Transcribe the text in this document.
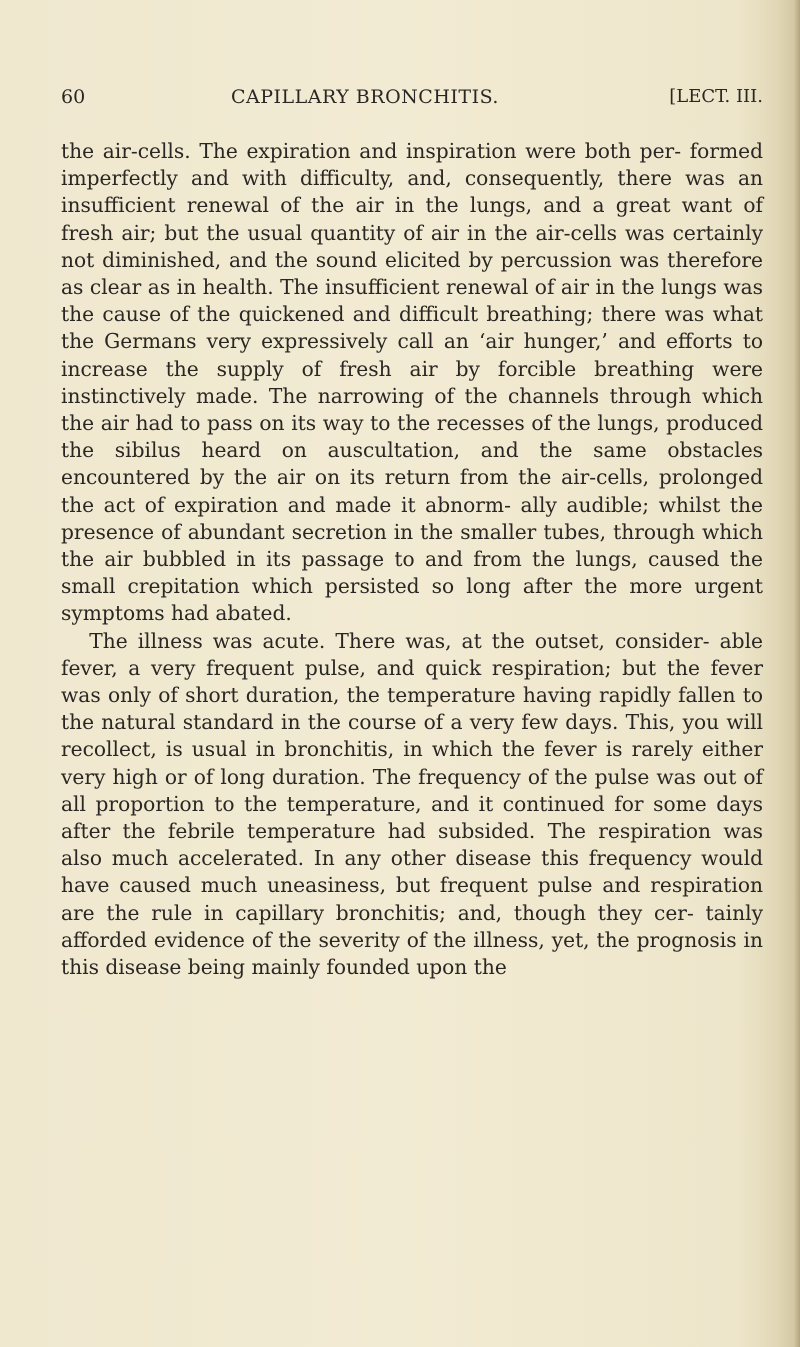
60	CAPILLARY BRONCHITIS.	[LECT. III.

the air-cells. The expiration and inspiration were both per- formed imperfectly and with difficulty, and, consequently, there was an insufficient renewal of the air in the lungs, and a great want of fresh air; but the usual quantity of air in the air-cells was certainly not diminished, and the sound elicited by percussion was therefore as clear as in health. The insufficient renewal of air in the lungs was the cause of the quickened and difficult breathing; there was what the Germans very expressively call an ‘air hunger,’ and efforts to increase the supply of fresh air by forcible breathing were instinctively made. The narrowing of the channels through which the air had to pass on its way to the recesses of the lungs, produced the sibilus heard on auscultation, and the same obstacles encountered by the air on its return from the air-cells, prolonged the act of expiration and made it abnorm- ally audible; whilst the presence of abundant secretion in the smaller tubes, through which the air bubbled in its passage to and from the lungs, caused the small crepitation which persisted so long after the more urgent symptoms had abated.

The illness was acute. There was, at the outset, consider- able fever, a very frequent pulse, and quick respiration; but the fever was only of short duration, the temperature having rapidly fallen to the natural standard in the course of a very few days. This, you will recollect, is usual in bronchitis, in which the fever is rarely either very high or of long duration. The frequency of the pulse was out of all proportion to the temperature, and it continued for some days after the febrile temperature had subsided. The respiration was also much accelerated. In any other disease this frequency would have caused much uneasiness, but frequent pulse and respiration are the rule in capillary bronchitis; and, though they cer- tainly afforded evidence of the severity of the illness, yet, the prognosis in this disease being mainly founded upon the
